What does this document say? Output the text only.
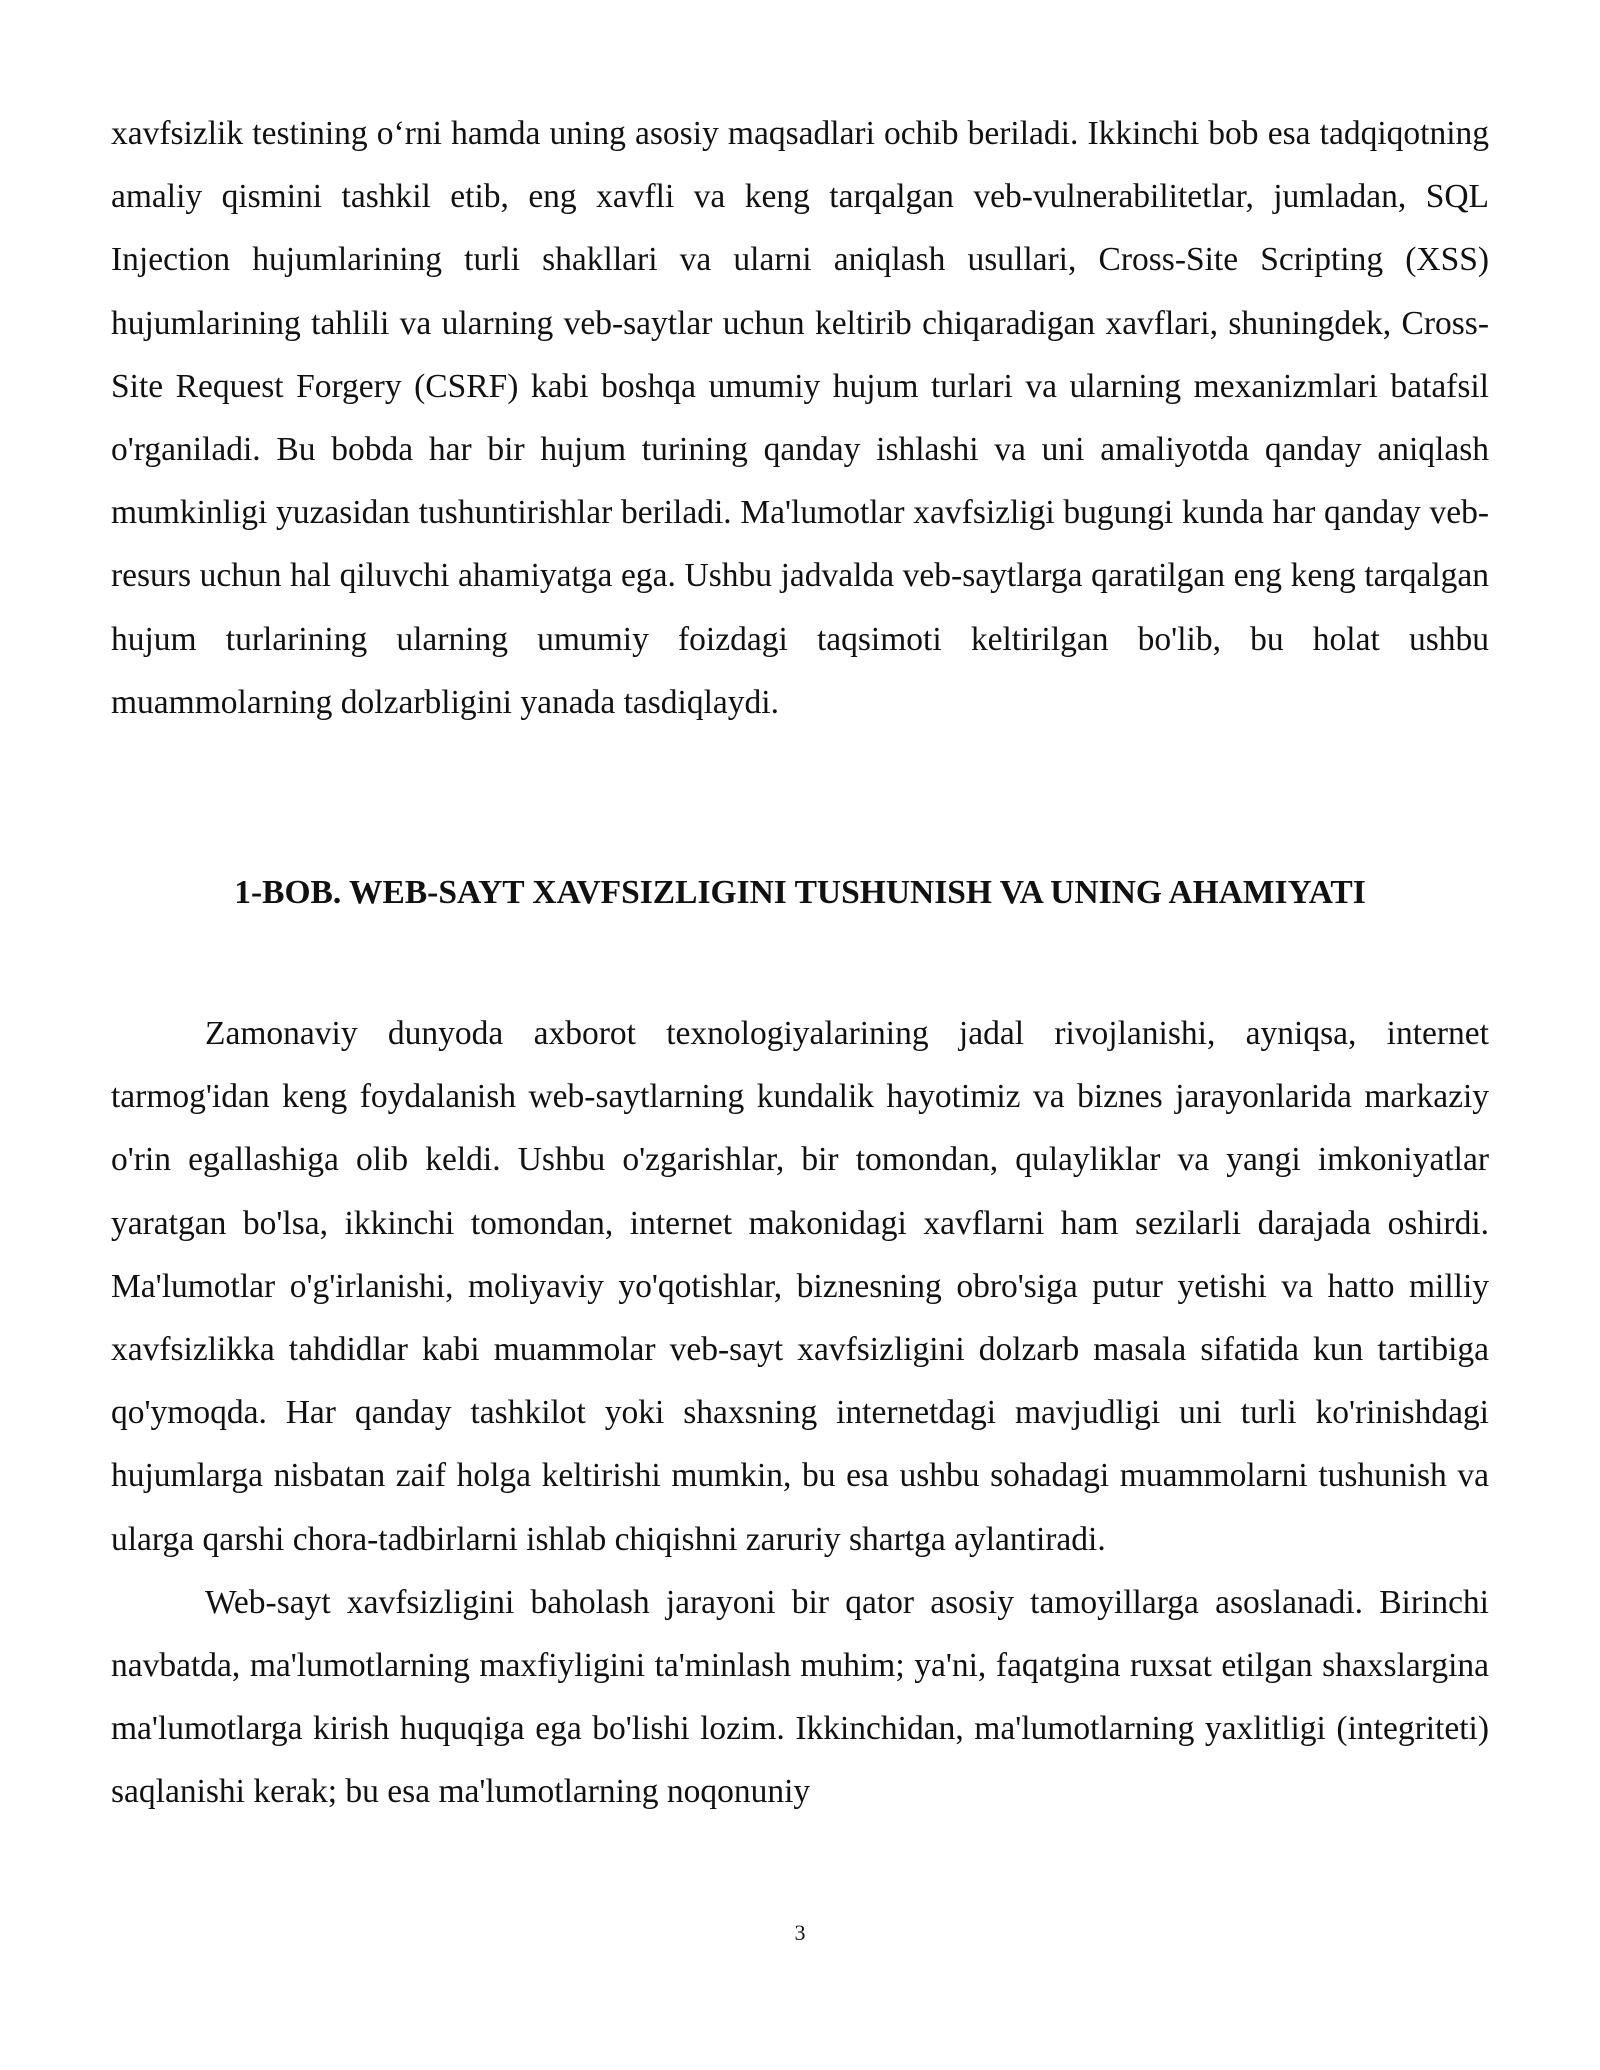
xavfsizlik testining o‘rni hamda uning asosiy maqsadlari ochib beriladi. Ikkinchi bob esa tadqiqotning amaliy qismini tashkil etib, eng xavfli va keng tarqalgan veb-vulnerabilitetlar, jumladan, SQL Injection hujumlarining turli shakllari va ularni aniqlash usullari, Cross-Site Scripting (XSS) hujumlarining tahlili va ularning veb-saytlar uchun keltirib chiqaradigan xavflari, shuningdek, Cross-Site Request Forgery (CSRF) kabi boshqa umumiy hujum turlari va ularning mexanizmlari batafsil o'rganiladi. Bu bobda har bir hujum turining qanday ishlashi va uni amaliyotda qanday aniqlash mumkinligi yuzasidan tushuntirishlar beriladi. Ma'lumotlar xavfsizligi bugungi kunda har qanday veb-resurs uchun hal qiluvchi ahamiyatga ega. Ushbu jadvalda veb-saytlarga qaratilgan eng keng tarqalgan hujum turlarining ularning umumiy foizdagi taqsimoti keltirilgan bo'lib, bu holat ushbu muammolarning dolzarbligini yanada tasdiqlaydi.

1-BOB. WEB-SAYT XAVFSIZLIGINI TUSHUNISH VA UNING AHAMIYATI

Zamonaviy dunyoda axborot texnologiyalarining jadal rivojlanishi, ayniqsa, internet tarmog'idan keng foydalanish web-saytlarning kundalik hayotimiz va biznes jarayonlarida markaziy o'rin egallashiga olib keldi. Ushbu o'zgarishlar, bir tomondan, qulayliklar va yangi imkoniyatlar yaratgan bo'lsa, ikkinchi tomondan, internet makonidagi xavflarni ham sezilarli darajada oshirdi. Ma'lumotlar o'g'irlanishi, moliyaviy yo'qotishlar, biznesning obro'siga putur yetishi va hatto milliy xavfsizlikka tahdidlar kabi muammolar veb-sayt xavfsizligini dolzarb masala sifatida kun tartibiga qo'ymoqda. Har qanday tashkilot yoki shaxsning internetdagi mavjudligi uni turli ko'rinishdagi hujumlarga nisbatan zaif holga keltirishi mumkin, bu esa ushbu sohadagi muammolarni tushunish va ularga qarshi chora-tadbirlarni ishlab chiqishni zaruriy shartga aylantiradi.

Web-sayt xavfsizligini baholash jarayoni bir qator asosiy tamoyillarga asoslanadi. Birinchi navbatda, ma'lumotlarning maxfiyligini ta'minlash muhim; ya'ni, faqatgina ruxsat etilgan shaxslargina ma'lumotlarga kirish huquqiga ega bo'lishi lozim. Ikkinchidan, ma'lumotlarning yaxlitligi (integriteti) saqlanishi kerak; bu esa ma'lumotlarning noqonuniy

3
